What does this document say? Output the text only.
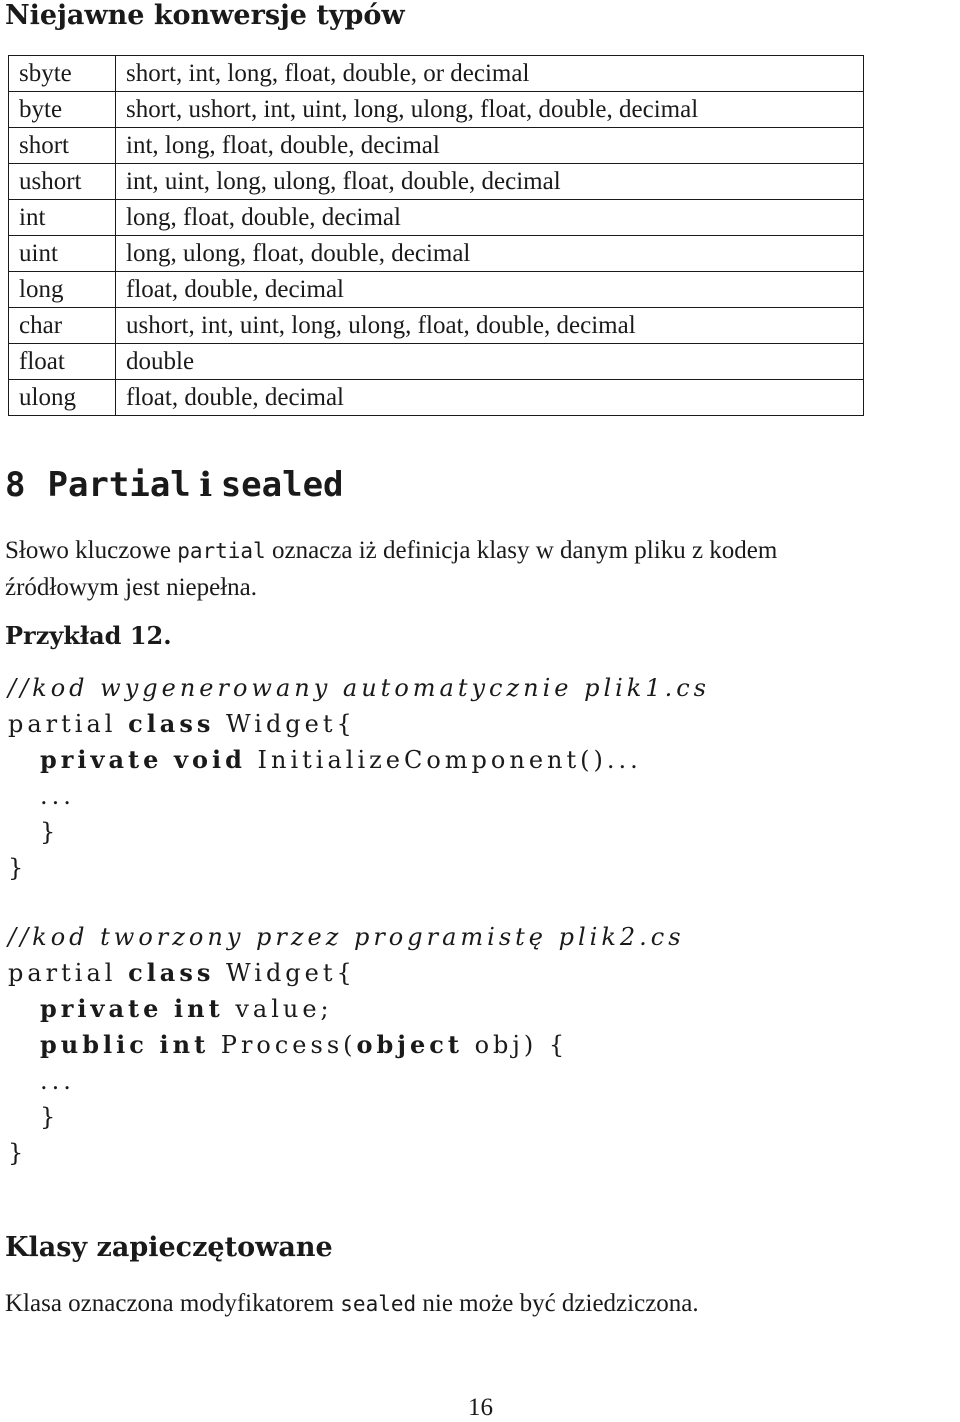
Niejawne konwersje typów
sbyte	short, int, long, float, double, or decimal
byte	short, ushort, int, uint, long, ulong, float, double, decimal
short	int, long, float, double, decimal
ushort	int, uint, long, ulong, float, double, decimal
int	long, float, double, decimal
uint	long, ulong, float, double, decimal
long	float, double, decimal
char	ushort, int, uint, long, ulong, float, double, decimal
float	double
ulong	float, double, decimal
8 Partial i sealed
Słowo kluczowe partial oznacza iż definicja klasy w danym pliku z kodem
źródłowym jest niepełna.
Przykład 12.
//kod wygenerowany automatycznie plik1.cs
partial class Widget{
private void InitializeComponent()...
...
}
}
//kod tworzony przez programistę plik2.cs
partial class Widget{
private int value;
public int Process(object obj) {
...
}
}
Klasy zapieczętowane
Klasa oznaczona modyfikatorem sealed nie może być dziedziczona.
16
